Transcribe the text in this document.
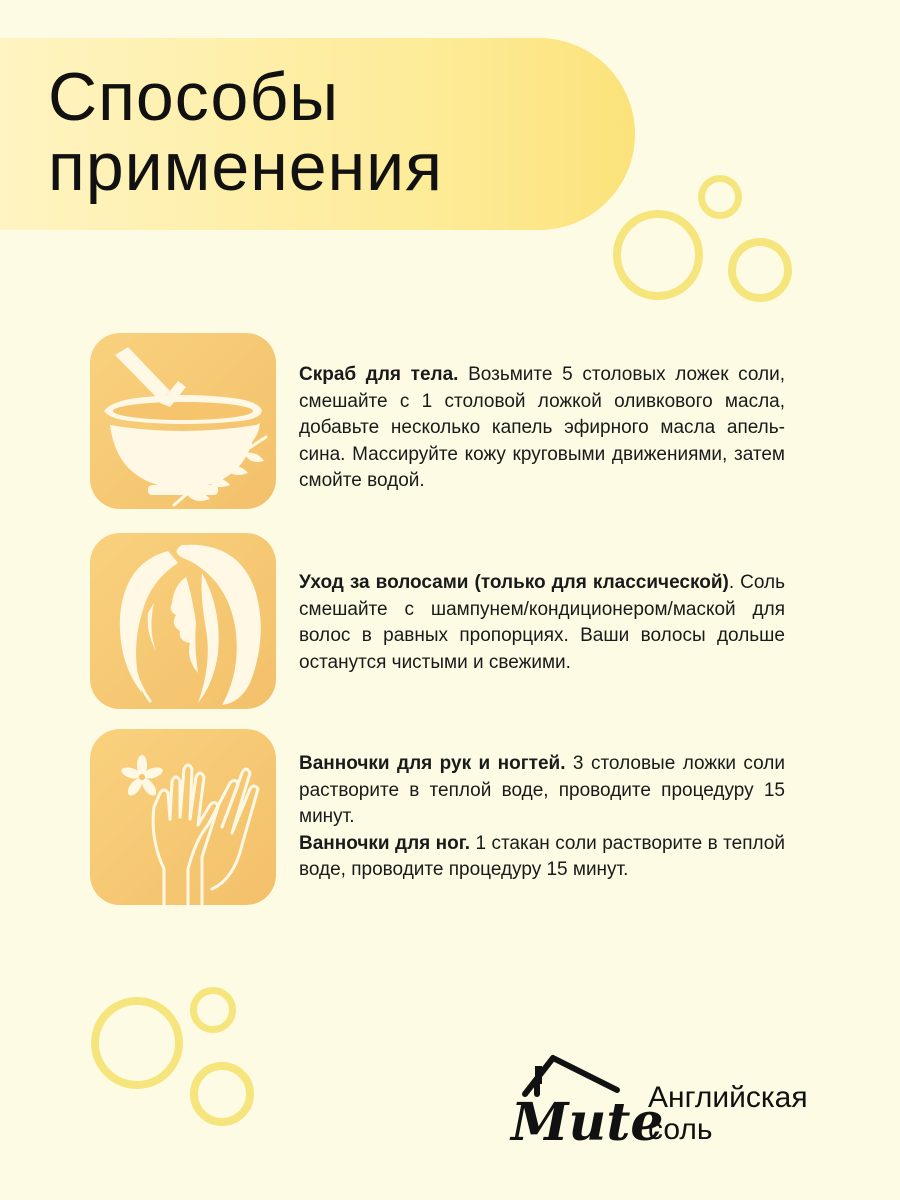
Способы
применения

Скраб для тела. Возьмите 5 столовых ложек соли, смешайте с 1 столовой ложкой оливкового масла, добавьте несколько капель эфирного масла апель-сина. Массируйте кожу круговыми движениями, затем смойте водой.

Уход за волосами (только для классической). Соль смешайте с шампунем/кондиционером/маской для волос в равных пропорциях. Ваши волосы дольше останутся чистыми и свежими.

Ванночки для рук и ногтей. 3 столовые ложки соли растворите в теплой воде, проводите процедуру 15 минут.

Ванночки для ног. 1 стакан соли растворите в теплой воде, проводите процедуру 15 минут.

Mute
Английская
соль
